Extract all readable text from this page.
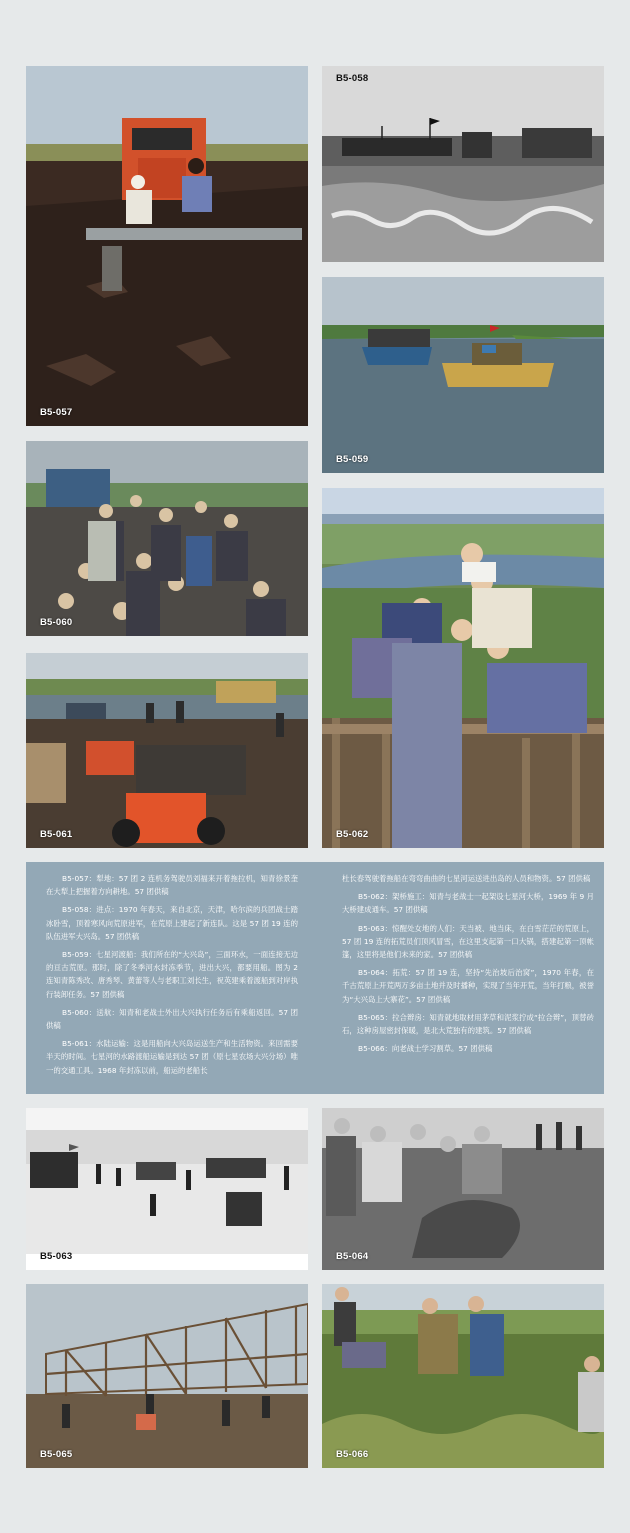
B5-057
B5-058
B5-059
B5-060
B5-061	B5-062

B5-057：犁地：57 团 2 连机务驾驶员刘福来开着拖拉机，知青徐景奎在大犁上把握着方向耕地。57 团供稿

B5-058：进点：1970 年春天，来自北京，天津，哈尔滨的兵团战士踏冰卧雪，顶着寒风向荒原进军，在荒原上建起了新连队。这是 57 团 19 连的队伍进军大兴岛。57 团供稿

B5-059：七星河渡船：我们所在的“大兴岛”，三面环水，一面连接无边的亘古荒原。那时，除了冬季河水封冻季节，进出大兴，都要用船。图为 2 连知青陈秀改、唐秀琴、黄蕾等人与老职工刘长生，祝英建乘着渡船到对岸执行装卸任务。57 团供稿

B5-060：送航：知青和老战士外出大兴执行任务后有乘船返回。57 团供稿

B5-061：水陆运输：这是用船向大兴岛运送生产和生活物资。来回需要半天的时间。七星河的水路渡船运输是到达 57 团（原七星农场大兴分场）唯一的交通工具。1968 年封冻以前，船运的老船长

杜长春驾驶着拖船在弯弯曲曲的七星河运送进出岛的人员和物资。57 团供稿

B5-062：架桥施工：知青与老战士一起架设七星河大桥，1969 年 9 月大桥建成通车。57 团供稿

B5-063：惊醒处女地的人们：天当被、地当床，在白雪茫茫的荒原上，57 团 19 连的拓荒员们顶风冒雪，在这里支起第一口大锅，搭建起第一顶帐篷，这里将是他们未来的家。57 团供稿

B5-064：拓荒：57 团 19 连，坚持“先治坡后治窝”，1970 年春，在千古荒原上开荒两万多亩土地并及时播种，实现了当年开荒，当年打粮，被誉为“大兴岛上大寨花”。57 团供稿

B5-065：拉合辫房：知青就地取材用茅草和泥浆拧成“拉合辫”，顶替砖石，这种房屋密封保暖，是北大荒独有的建筑。57 团供稿

B5-066：向老战士学习割草。57 团供稿

B5-063	B5-064
B5-065	B5-066
